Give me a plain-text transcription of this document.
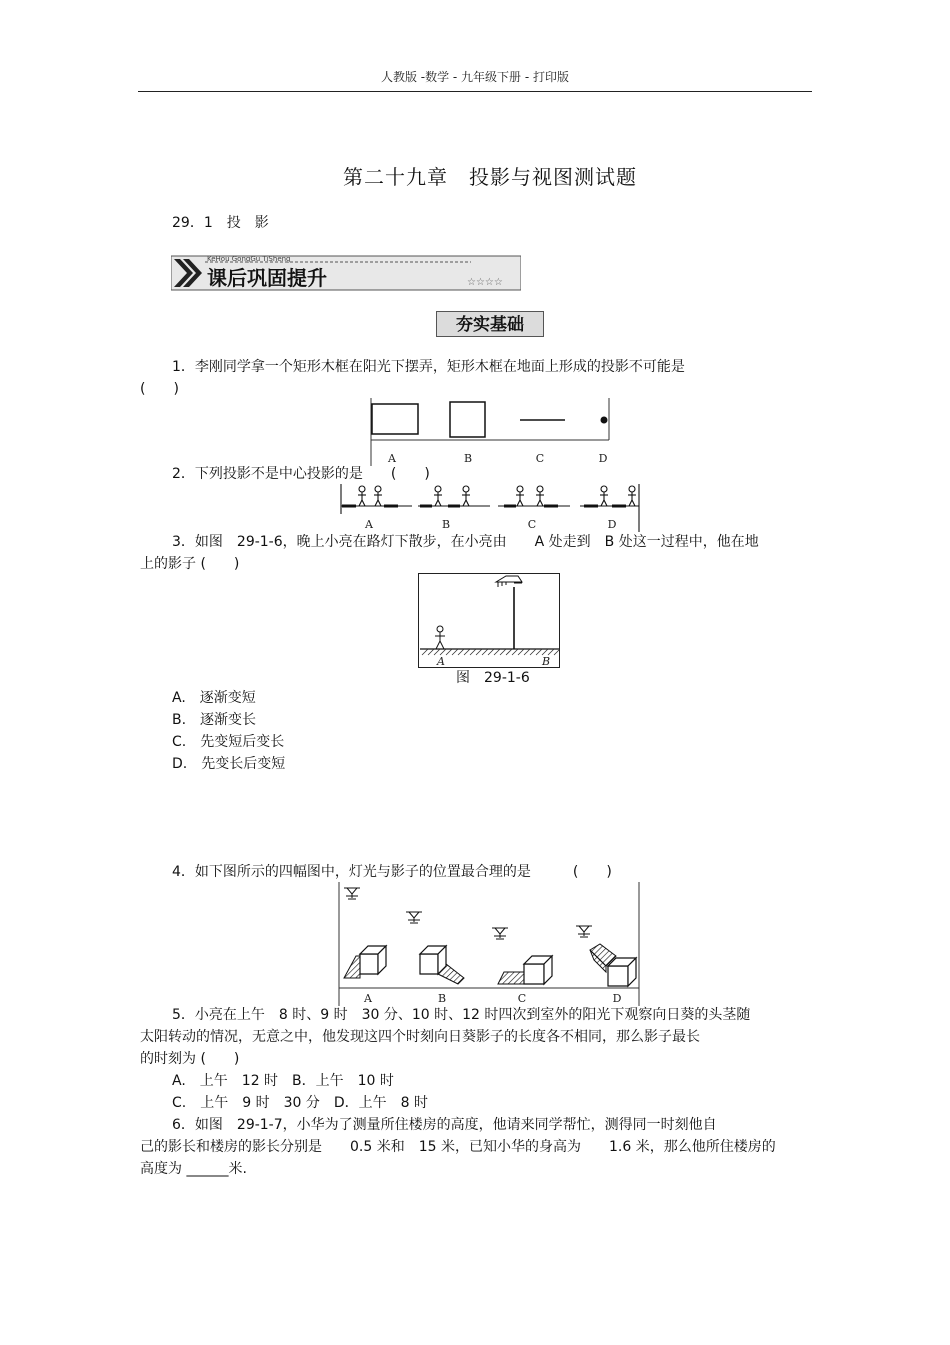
人教版 -数学 - 九年级下册 - 打印版
第二十九章　投影与视图测试题
29．1　投　影
KeHou GongGu TiSheng
课后巩固提升	☆☆☆☆
夯实基础
1．李刚同学拿一个矩形木框在阳光下摆弄，矩形木框在地面上形成的投影不可能是
(　　)
A	B	C	D
2．下列投影不是中心投影的是　　(　　)
A	B	C	D
3．如图　29-1-6，晚上小亮在路灯下散步，在小亮由　　A 处走到　B 处这一过程中，他在地
上的影子 (　　)
A	B
图　29-1-6
A.　逐渐变短
B.　逐渐变长
C.　先变短后变长
D.　先变长后变短
4．如下图所示的四幅图中，灯光与影子的位置最合理的是　　　(　　)
A	B	C	D
5．小亮在上午　8 时、9 时　30 分、10 时、12 时四次到室外的阳光下观察向日葵的头茎随
太阳转动的情况，无意之中，他发现这四个时刻向日葵影子的长度各不相同，那么影子最长
的时刻为 (　　)
A.　上午　12 时　B．上午　10 时
C.　上午　9 时　30 分　D．上午　8 时
6．如图　29-1-7，小华为了测量所住楼房的高度，他请来同学帮忙，测得同一时刻他自
己的影长和楼房的影长分别是　　0.5 米和　15 米，已知小华的身高为　　1.6 米，那么他所住楼房的
高度为 ______米.
